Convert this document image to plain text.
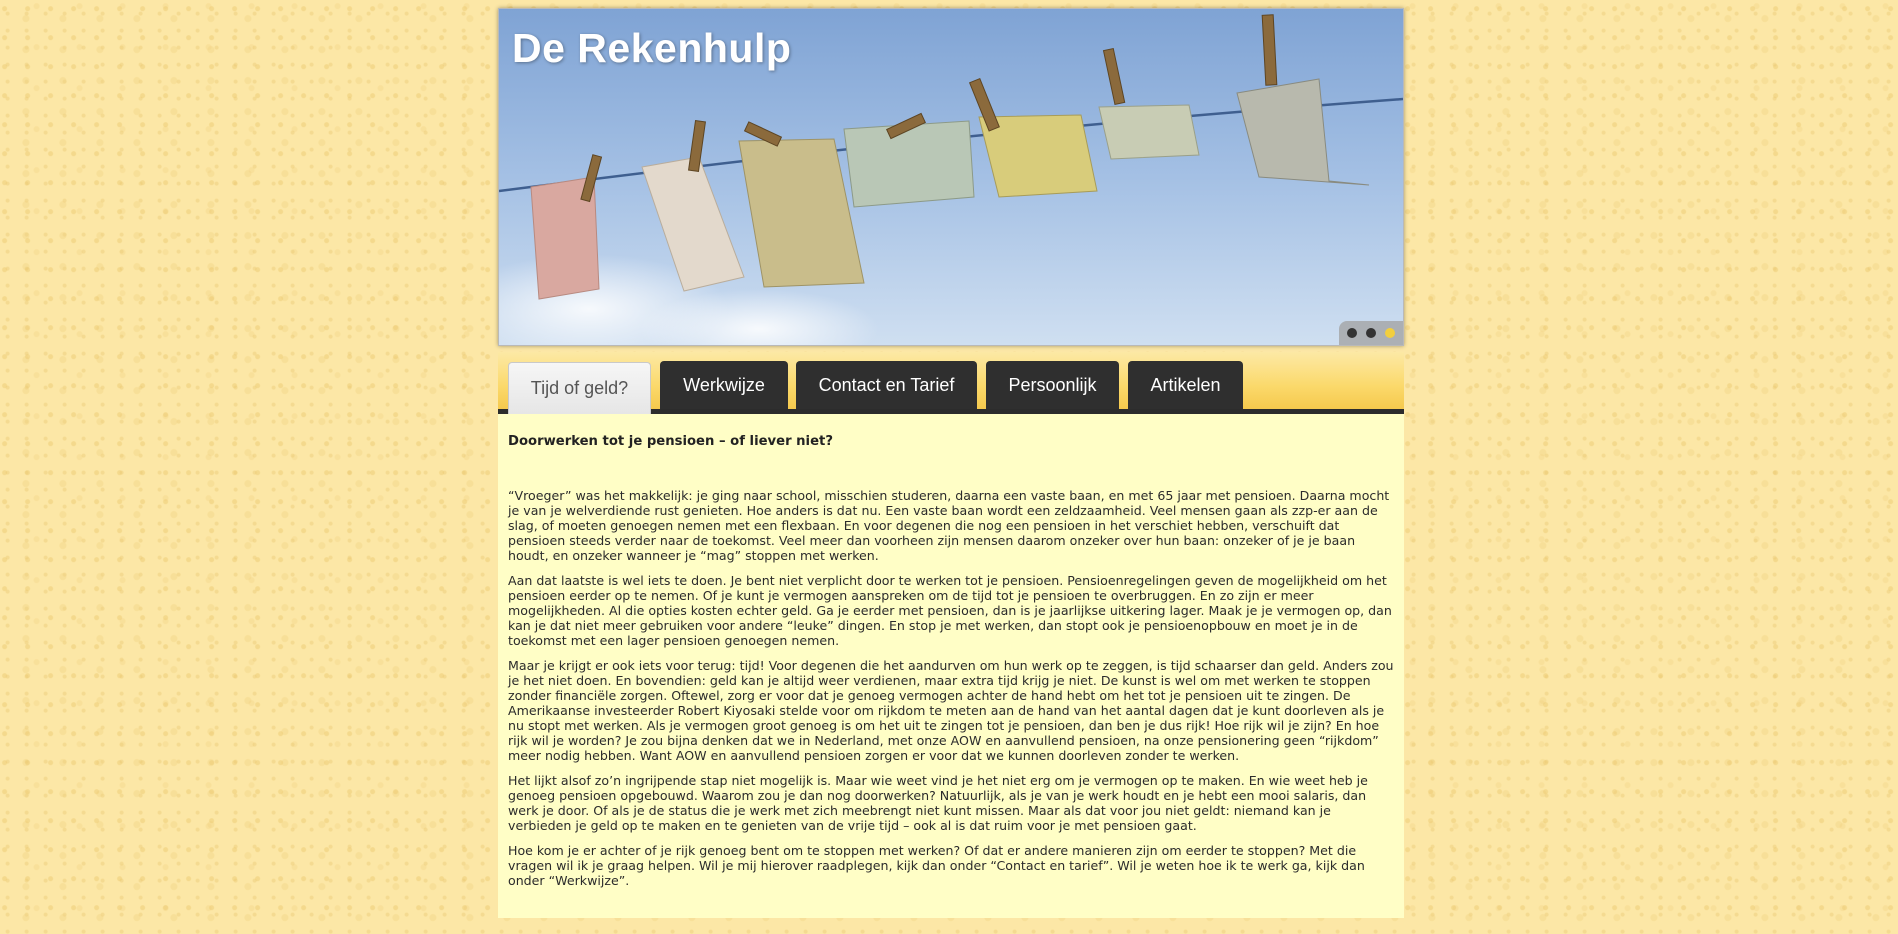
De Rekenhulp
Tijd of geld?	Werkwijze	Contact en Tarief	Persoonlijk	Artikelen
Doorwerken tot je pensioen – of liever niet?

“Vroeger” was het makkelijk: je ging naar school, misschien studeren, daarna een vaste baan, en met 65 jaar met pensioen. Daarna mocht je van je welverdiende rust genieten. Hoe anders is dat nu. Een vaste baan wordt een zeldzaamheid. Veel mensen gaan als zzp-er aan de slag, of moeten genoegen nemen met een flexbaan. En voor degenen die nog een pensioen in het verschiet hebben, verschuift dat pensioen steeds verder naar de toekomst. Veel meer dan voorheen zijn mensen daarom onzeker over hun baan: onzeker of je je baan houdt, en onzeker wanneer je “mag” stoppen met werken.

Aan dat laatste is wel iets te doen. Je bent niet verplicht door te werken tot je pensioen. Pensioenregelingen geven de mogelijkheid om het pensioen eerder op te nemen. Of je kunt je vermogen aanspreken om de tijd tot je pensioen te overbruggen. En zo zijn er meer mogelijkheden. Al die opties kosten echter geld. Ga je eerder met pensioen, dan is je jaarlijkse uitkering lager. Maak je je vermogen op, dan kan je dat niet meer gebruiken voor andere “leuke” dingen. En stop je met werken, dan stopt ook je pensioenopbouw en moet je in de toekomst met een lager pensioen genoegen nemen.

Maar je krijgt er ook iets voor terug: tijd! Voor degenen die het aandurven om hun werk op te zeggen, is tijd schaarser dan geld. Anders zou je het niet doen. En bovendien: geld kan je altijd weer verdienen, maar extra tijd krijg je niet. De kunst is wel om met werken te stoppen zonder financiële zorgen. Oftewel, zorg er voor dat je genoeg vermogen achter de hand hebt om het tot je pensioen uit te zingen. De Amerikaanse investeerder Robert Kiyosaki stelde voor om rijkdom te meten aan de hand van het aantal dagen dat je kunt doorleven als je nu stopt met werken. Als je vermogen groot genoeg is om het uit te zingen tot je pensioen, dan ben je dus rijk! Hoe rijk wil je zijn? En hoe rijk wil je worden? Je zou bijna denken dat we in Nederland, met onze AOW en aanvullend pensioen, na onze pensionering geen “rijkdom” meer nodig hebben. Want AOW en aanvullend pensioen zorgen er voor dat we kunnen doorleven zonder te werken.

Het lijkt alsof zo’n ingrijpende stap niet mogelijk is. Maar wie weet vind je het niet erg om je vermogen op te maken. En wie weet heb je genoeg pensioen opgebouwd. Waarom zou je dan nog doorwerken? Natuurlijk, als je van je werk houdt en je hebt een mooi salaris, dan werk je door. Of als je de status die je werk met zich meebrengt niet kunt missen. Maar als dat voor jou niet geldt: niemand kan je verbieden je geld op te maken en te genieten van de vrije tijd – ook al is dat ruim voor je met pensioen gaat.

Hoe kom je er achter of je rijk genoeg bent om te stoppen met werken? Of dat er andere manieren zijn om eerder te stoppen? Met die vragen wil ik je graag helpen. Wil je mij hierover raadplegen, kijk dan onder “Contact en tarief”. Wil je weten hoe ik te werk ga, kijk dan onder “Werkwijze”.
